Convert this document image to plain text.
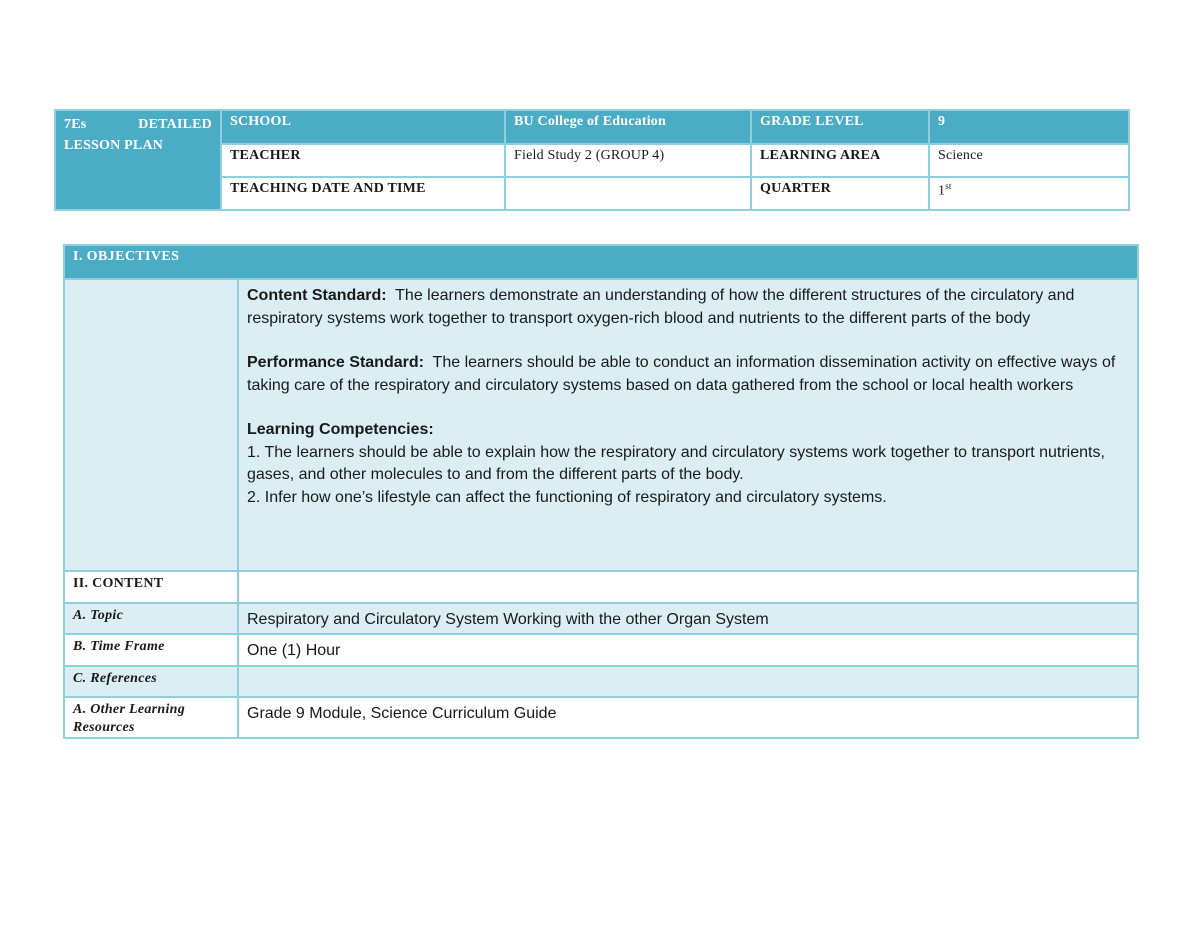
7Es DETAILED
LESSON PLAN	SCHOOL	BU College of Education	GRADE LEVEL	9
	TEACHER	Field Study 2 (GROUP 4)	LEARNING AREA	Science
	TEACHING DATE AND TIME		QUARTER	1st
I. OBJECTIVES	

	Content Standard: The learners demonstrate an understanding of how the different structures of the circulatory and respiratory systems work together to transport oxygen-rich blood and nutrients to the different parts of the body

Performance Standard: The learners should be able to conduct an information dissemination activity on effective ways of taking care of the respiratory and circulatory systems based on data gathered from the school or local health workers

Learning Competencies:
1. The learners should be able to explain how the respiratory and circulatory systems work together to transport nutrients, gases, and other molecules to and from the different parts of the body.
2. Infer how one’s lifestyle can affect the functioning of respiratory and circulatory systems.

II. CONTENT	
A. Topic	Respiratory and Circulatory System Working with the other Organ System
B. Time Frame	One (1) Hour
C. References	
A. Other Learning Resources	Grade 9 Module, Science Curriculum Guide
